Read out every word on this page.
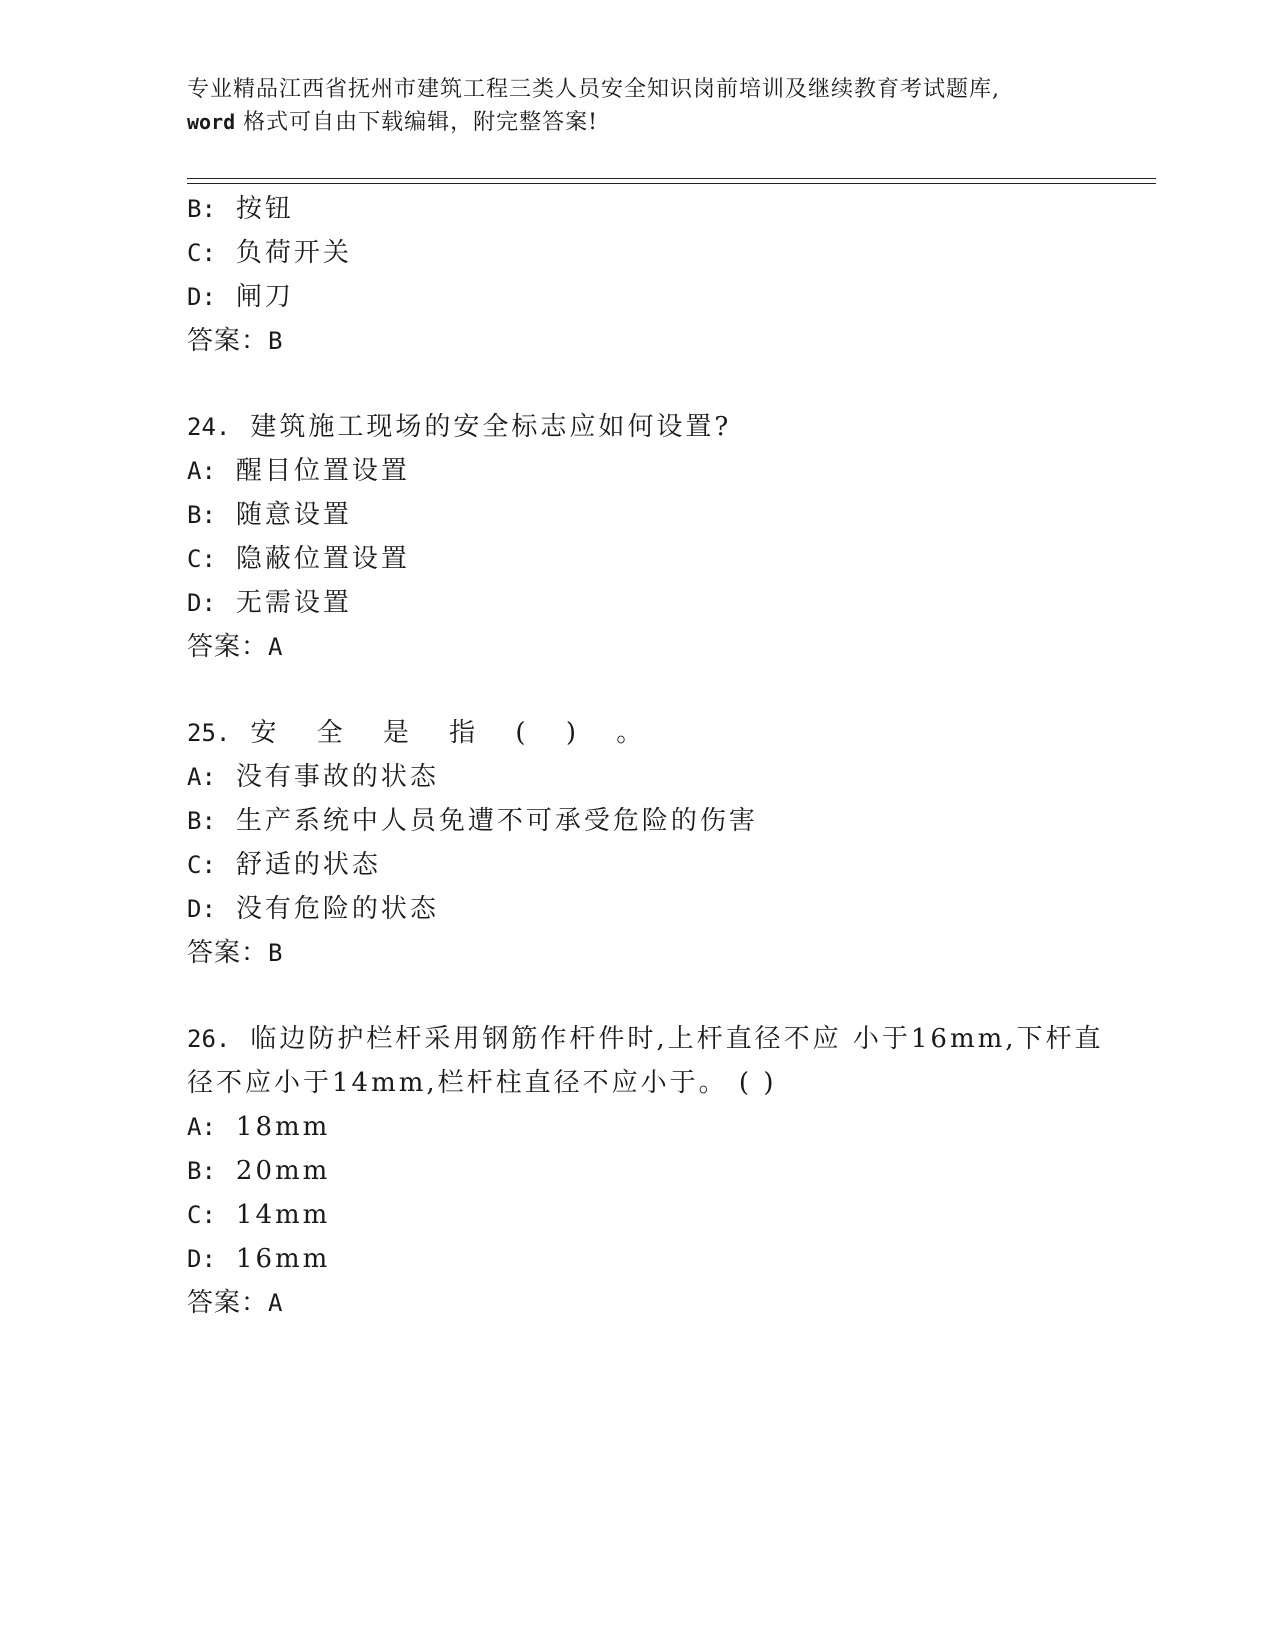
专业精品江西省抚州市建筑工程三类人员安全知识岗前培训及继续教育考试题库,
word 格式可自由下载编辑，附完整答案!
B: 按钮
C: 负荷开关
D: 闸刀
答案：B
24. 建筑施工现场的安全标志应如何设置?
A: 醒目位置设置
B: 随意设置
C: 隐蔽位置设置
D: 无需设置
答案：A
25. 安 全 是 指 ( ) 。
A: 没有事故的状态
B: 生产系统中人员免遭不可承受危险的伤害
C: 舒适的状态
D: 没有危险的状态
答案：B
26. 临边防护栏杆采用钢筋作杆件时,上杆直径不应 小于16mm,下杆直
径不应小于14mm,栏杆柱直径不应小于。 ( )
A: 18mm
B: 20mm
C: 14mm
D: 16mm
答案：A
